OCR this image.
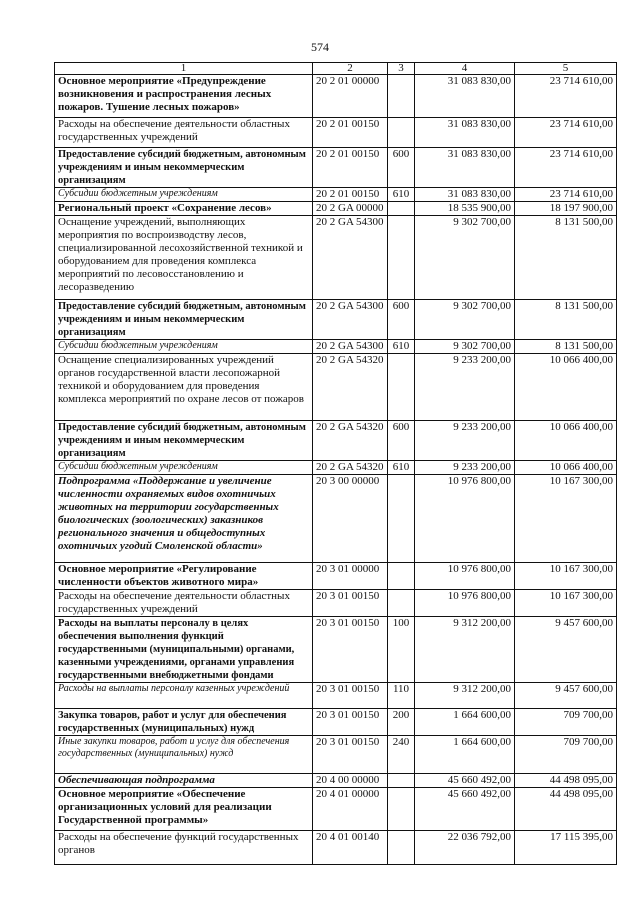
574
1	2	3	4	5
Основное мероприятие «Предупреждение возникновения и распространения лесных пожаров. Тушение лесных пожаров»	20 2 01 00000		31 083 830,00	23 714 610,00
Расходы на обеспечение деятельности областных государственных учреждений	20 2 01 00150		31 083 830,00	23 714 610,00
Предоставление субсидий бюджетным, автономным учреждениям и иным некоммерческим организациям	20 2 01 00150	600	31 083 830,00	23 714 610,00
Субсидии бюджетным учреждениям	20 2 01 00150	610	31 083 830,00	23 714 610,00
Региональный проект «Сохранение лесов»	20 2 GA 00000		18 535 900,00	18 197 900,00
Оснащение учреждений, выполняющих мероприятия по воспроизводству лесов, специализированной лесохозяйственной техникой и оборудованием для проведения комплекса мероприятий по лесовосстановлению и лесоразведению	20 2 GA 54300		9 302 700,00	8 131 500,00
Предоставление субсидий бюджетным, автономным учреждениям и иным некоммерческим организациям	20 2 GA 54300	600	9 302 700,00	8 131 500,00
Субсидии бюджетным учреждениям	20 2 GA 54300	610	9 302 700,00	8 131 500,00
Оснащение специализированных учреждений органов государственной власти лесопожарной техникой и оборудованием для проведения комплекса мероприятий по охране лесов от пожаров	20 2 GA 54320		9 233 200,00	10 066 400,00
Предоставление субсидий бюджетным, автономным учреждениям и иным некоммерческим организациям	20 2 GA 54320	600	9 233 200,00	10 066 400,00
Субсидии бюджетным учреждениям	20 2 GA 54320	610	9 233 200,00	10 066 400,00
Подпрограмма «Поддержание и увеличение численности охраняемых видов охотничьих животных на территории государственных биологических (зоологических) заказников регионального значения и общедоступных охотничьих угодий Смоленской области»	20 3 00 00000		10 976 800,00	10 167 300,00
Основное мероприятие «Регулирование численности объектов животного мира»	20 3 01 00000		10 976 800,00	10 167 300,00
Расходы на обеспечение деятельности областных государственных учреждений	20 3 01 00150		10 976 800,00	10 167 300,00
Расходы на выплаты персоналу в целях обеспечения выполнения функций государственными (муниципальными) органами, казенными учреждениями, органами управления государственными внебюджетными фондами	20 3 01 00150	100	9 312 200,00	9 457 600,00
Расходы на выплаты персоналу казенных учреждений	20 3 01 00150	110	9 312 200,00	9 457 600,00
Закупка товаров, работ и услуг для обеспечения государственных (муниципальных) нужд	20 3 01 00150	200	1 664 600,00	709 700,00
Иные закупки товаров, работ и услуг для обеспечения государственных (муниципальных) нужд	20 3 01 00150	240	1 664 600,00	709 700,00
Обеспечивающая подпрограмма	20 4 00 00000		45 660 492,00	44 498 095,00
Основное мероприятие «Обеспечение организационных условий для реализации Государственной программы»	20 4 01 00000		45 660 492,00	44 498 095,00
Расходы на обеспечение функций государственных органов	20 4 01 00140		22 036 792,00	17 115 395,00
